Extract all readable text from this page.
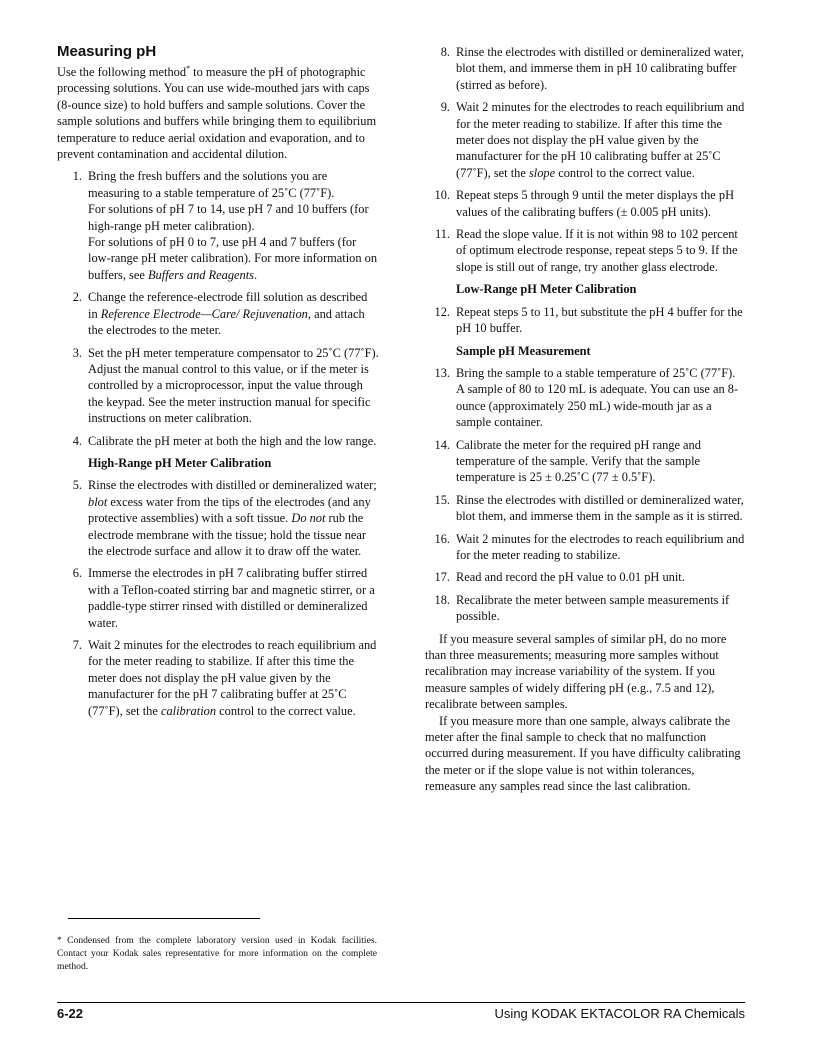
Measuring pH

Use the following method* to measure the pH of photographic processing solutions. You can use wide-mouthed jars with caps (8-ounce size) to hold buffers and sample solutions. Cover the sample solutions and buffers while bringing them to equilibrium temperature to reduce aerial oxidation and evaporation, and to prevent contamination and accidental dilution.

1. Bring the fresh buffers and the solutions you are measuring to a stable temperature of 25˚C (77˚F).
For solutions of pH 7 to 14, use pH 7 and 10 buffers (for high-range pH meter calibration).
For solutions of pH 0 to 7, use pH 4 and 7 buffers (for low-range pH meter calibration). For more information on buffers, see Buffers and Reagents.
2. Change the reference-electrode fill solution as described in Reference Electrode—Care/ Rejuvenation, and attach the electrodes to the meter.
3. Set the pH meter temperature compensator to 25˚C (77˚F). Adjust the manual control to this value, or if the meter is controlled by a microprocessor, input the value through the keypad. See the meter instruction manual for specific instructions on meter calibration.
4. Calibrate the pH meter at both the high and the low range.
High-Range pH Meter Calibration
5. Rinse the electrodes with distilled or demineralized water; blot excess water from the tips of the electrodes (and any protective assemblies) with a soft tissue. Do not rub the electrode membrane with the tissue; hold the tissue near the electrode surface and allow it to draw off the water.
6. Immerse the electrodes in pH 7 calibrating buffer stirred with a Teflon-coated stirring bar and magnetic stirrer, or a paddle-type stirrer rinsed with distilled or demineralized water.
7. Wait 2 minutes for the electrodes to reach equilibrium and for the meter reading to stabilize. If after this time the meter does not display the pH value given by the manufacturer for the pH 7 calibrating buffer at 25˚C (77˚F), set the calibration control to the correct value.
8. Rinse the electrodes with distilled or demineralized water, blot them, and immerse them in pH 10 calibrating buffer (stirred as before).
9. Wait 2 minutes for the electrodes to reach equilibrium and for the meter reading to stabilize. If after this time the meter does not display the pH value given by the manufacturer for the pH 10 calibrating buffer at 25˚C (77˚F), set the slope control to the correct value.
10. Repeat steps 5 through 9 until the meter displays the pH values of the calibrating buffers (± 0.005 pH units).
11. Read the slope value. If it is not within 98 to 102 percent of optimum electrode response, repeat steps 5 to 9. If the slope is still out of range, try another glass electrode.
Low-Range pH Meter Calibration
12. Repeat steps 5 to 11, but substitute the pH 4 buffer for the pH 10 buffer.
Sample pH Measurement
13. Bring the sample to a stable temperature of 25˚C (77˚F). A sample of 80 to 120 mL is adequate. You can use an 8-ounce (approximately 250 mL) wide-mouth jar as a sample container.
14. Calibrate the meter for the required pH range and temperature of the sample. Verify that the sample temperature is 25 ± 0.25˚C (77 ± 0.5˚F).
15. Rinse the electrodes with distilled or demineralized water, blot them, and immerse them in the sample as it is stirred.
16. Wait 2 minutes for the electrodes to reach equilibrium and for the meter reading to stabilize.
17. Read and record the pH value to 0.01 pH unit.
18. Recalibrate the meter between sample measurements if possible.

If you measure several samples of similar pH, do no more than three measurements; measuring more samples without recalibration may increase variability of the system. If you measure samples of widely differing pH (e.g., 7.5 and 12), recalibrate between samples.

If you measure more than one sample, always calibrate the meter after the final sample to check that no malfunction occurred during measurement. If you have difficulty calibrating the meter or if the slope value is not within tolerances, remeasure any samples read since the last calibration.

* Condensed from the complete laboratory version used in Kodak facilities. Contact your Kodak sales representative for more information on the complete method.
6-22	Using KODAK EKTACOLOR RA Chemicals
